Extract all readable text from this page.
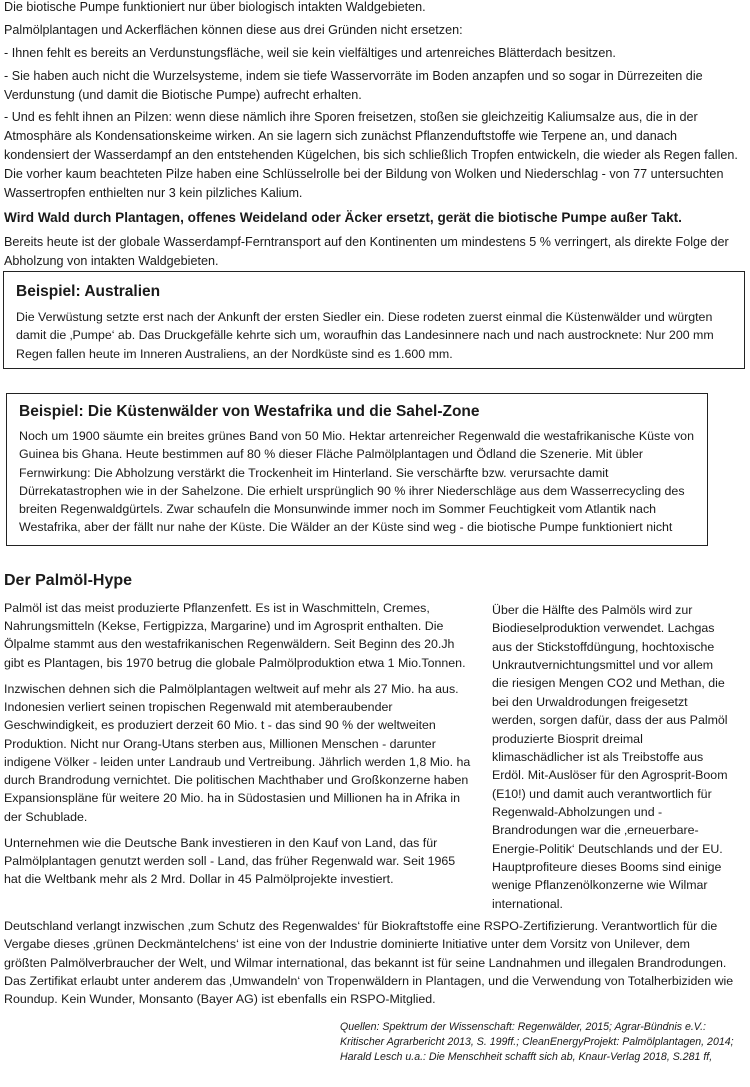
Die biotische Pumpe funktioniert nur über biologisch intakten Waldgebieten.

Palmölplantagen und Ackerflächen können diese aus drei Gründen nicht ersetzen:

- Ihnen fehlt es bereits an Verdunstungsfläche, weil sie kein vielfältiges und artenreiches Blätterdach besitzen.

- Sie haben auch nicht die Wurzelsysteme, indem sie tiefe Wasservorräte im Boden anzapfen und so sogar in Dürrezeiten die Verdunstung (und damit die Biotische Pumpe) aufrecht erhalten.

- Und es fehlt ihnen an Pilzen: wenn diese nämlich ihre Sporen freisetzen, stoßen sie gleichzeitig Kaliumsalze aus, die in der Atmosphäre als Kondensationskeime wirken. An sie lagern sich zunächst Pflanzenduftstoffe wie Terpene an, und danach kondensiert der Wasserdampf an den entstehenden Kügelchen, bis sich schließlich Tropfen entwickeln, die wieder als Regen fallen. Die vorher kaum beachteten Pilze haben eine Schlüsselrolle bei der Bildung von Wolken und Niederschlag - von 77 untersuchten Wassertropfen enthielten nur 3 kein pilzliches Kalium.

Wird Wald durch Plantagen, offenes Weideland oder Äcker ersetzt, gerät die biotische Pumpe außer Takt.

Bereits heute ist der globale Wasserdampf-Ferntransport auf den Kontinenten um mindestens 5 % verringert, als direkte Folge der Abholzung von intakten Waldgebieten.

Beispiel: Australien

Die Verwüstung setzte erst nach der Ankunft der ersten Siedler ein. Diese rodeten zuerst einmal die Küstenwälder und würgten damit die ‚Pumpe‘ ab. Das Druckgefälle kehrte sich um, woraufhin das Landesinnere nach und nach austrocknete: Nur 200 mm Regen fallen heute im Inneren Australiens, an der Nordküste sind es 1.600 mm.

Beispiel: Die Küstenwälder von Westafrika und die Sahel-Zone

Noch um 1900 säumte ein breites grünes Band von 50 Mio. Hektar artenreicher Regenwald die westafrikanische Küste von Guinea bis Ghana. Heute bestimmen auf 80 % dieser Fläche Palmölplantagen und Ödland die Szenerie. Mit übler Fernwirkung: Die Abholzung verstärkt die Trockenheit im Hinterland. Sie verschärfte bzw. verursachte damit Dürrekatastrophen wie in der Sahelzone. Die erhielt ursprünglich 90 % ihrer Niederschläge aus dem Wasserrecycling des breiten Regenwaldgürtels. Zwar schaufeln die Monsunwinde immer noch im Sommer Feuchtigkeit vom Atlantik nach Westafrika, aber der fällt nur nahe der Küste. Die Wälder an der Küste sind weg - die biotische Pumpe funktioniert nicht

Der Palmöl-Hype

Palmöl ist das meist produzierte Pflanzenfett. Es ist in Waschmitteln, Cremes, Nahrungsmitteln (Kekse, Fertigpizza, Margarine) und im Agrosprit enthalten. Die Ölpalme stammt aus den westafrikanischen Regenwäldern. Seit Beginn des 20.Jh gibt es Plantagen, bis 1970 betrug die globale Palmölproduktion etwa 1 Mio.Tonnen.

Inzwischen dehnen sich die Palmölplantagen weltweit auf mehr als 27 Mio. ha aus. Indonesien verliert seinen tropischen Regenwald mit atemberaubender Geschwindigkeit, es produziert derzeit 60 Mio. t - das sind 90 % der weltweiten Produktion. Nicht nur Orang-Utans sterben aus, Millionen Menschen - darunter indigene Völker - leiden unter Landraub und Vertreibung. Jährlich werden 1,8 Mio. ha durch Brandrodung vernichtet. Die politischen Machthaber und Großkonzerne haben Expansionspläne für weitere 20 Mio. ha in Südostasien und Millionen ha in Afrika in der Schublade.

Unternehmen wie die Deutsche Bank investieren in den Kauf von Land, das für Palmölplantagen genutzt werden soll - Land, das früher Regenwald war. Seit 1965 hat die Weltbank mehr als 2 Mrd. Dollar in 45 Palmölprojekte investiert.

Über die Hälfte des Palmöls wird zur Biodieselproduktion verwendet. Lachgas aus der Stickstoffdüngung, hochtoxische Unkrautvernichtungsmittel und vor allem die riesigen Mengen CO2 und Methan, die bei den Urwaldrodungen freigesetzt werden, sorgen dafür, dass der aus Palmöl produzierte Biosprit dreimal klimaschädlicher ist als Treibstoffe aus Erdöl. Mit-Auslöser für den Agrosprit-Boom (E10!) und damit auch verantwortlich für Regenwald-Abholzungen und - Brandrodungen war die ‚erneuerbare-Energie-Politik‘ Deutschlands und der EU. Hauptprofiteure dieses Booms sind einige wenige Pflanzenölkonzerne wie Wilmar international.

Deutschland verlangt inzwischen ‚zum Schutz des Regenwaldes‘ für Biokraftstoffe eine RSPO-Zertifizierung. Verantwortlich für die Vergabe dieses ‚grünen Deckmäntelchens‘ ist eine von der Industrie dominierte Initiative unter dem Vorsitz von Unilever, dem größten Palmölverbraucher der Welt, und Wilmar international, das bekannt ist für seine Landnahmen und illegalen Brandrodungen. Das Zertifikat erlaubt unter anderem das ‚Umwandeln‘ von Tropenwäldern in Plantagen, und die Verwendung von Totalherbiziden wie Roundup. Kein Wunder, Monsanto (Bayer AG) ist ebenfalls ein RSPO-Mitglied.

Quellen: Spektrum der Wissenschaft: Regenwälder, 2015; Agrar-Bündnis e.V.: Kritischer Agrarbericht 2013, S. 199ff.; CleanEnergyProjekt: Palmölplantagen, 2014; Harald Lesch u.a.: Die Menschheit schafft sich ab, Knaur-Verlag 2018, S.281 ff,
